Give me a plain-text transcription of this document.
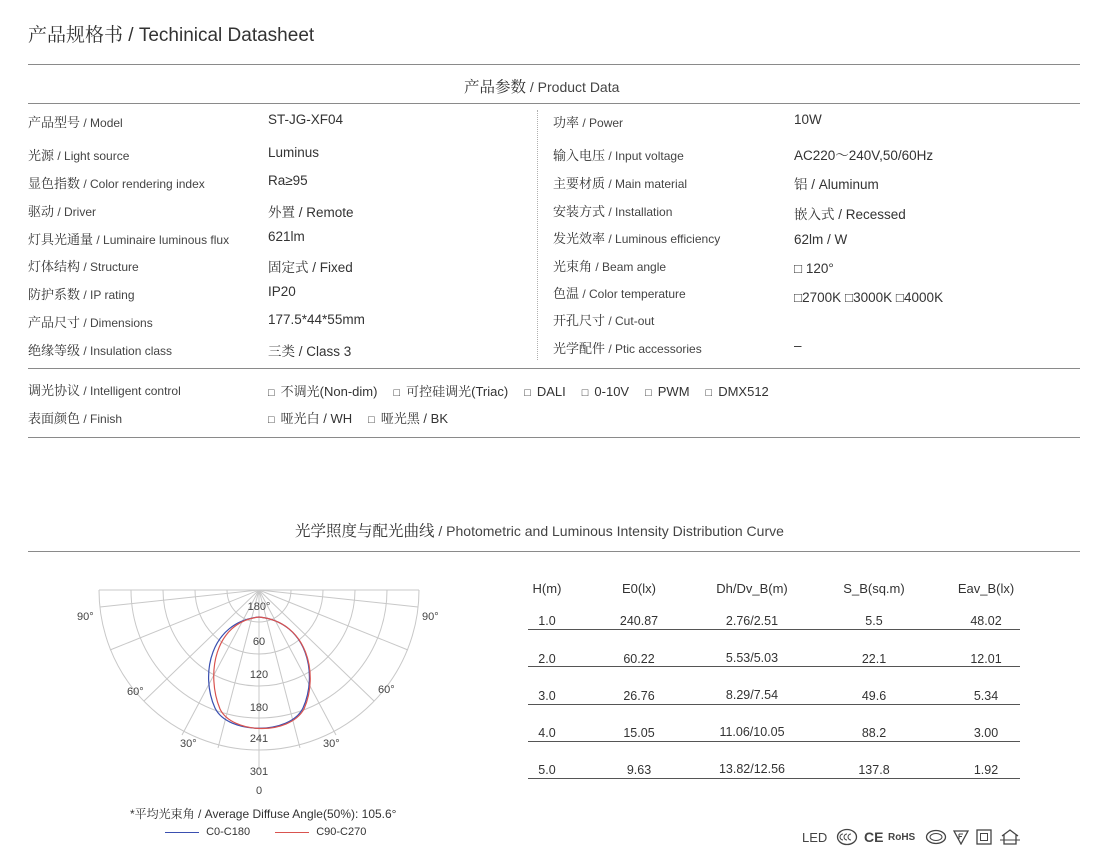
产品规格书 / Techinical Datasheet
产品参数 / Product Data
产品型号 / Model	ST-JG-XF04
光源 / Light source	Luminus
显色指数 / Color rendering index	Ra≥95
驱动 / Driver	外置 / Remote
灯具光通量 / Luminaire luminous flux	621lm
灯体结构 / Structure	固定式 / Fixed
防护系数 / IP rating	IP20
产品尺寸 / Dimensions	177.5*44*55mm
绝缘等级 / Insulation class	三类 / Class 3
功率 / Power	10W
输入电压 / Input voltage	AC220～240V,50/60Hz
主要材质 / Main material	铝 / Aluminum
安装方式 / Installation	嵌入式 / Recessed
发光效率 / Luminous efficiency	62lm / W
光束角 / Beam angle	□ 120°
色温 / Color temperature	□2700K □3000K □4000K
开孔尺寸 / Cut-out
光学配件 / Ptic accessories	–
调光协议 / Intelligent control	□ 不调光(Non-dim) □ 可控硅调光(Triac) □ DALI □ 0-10V □ PWM □ DMX512
表面颜色 / Finish	□ 哑光白 / WH □ 哑光黑 / BK
光学照度与配光曲线 / Photometric and Luminous Intensity Distribution Curve
90°	90°
60°	60°
30°	30°
180°
60
120
180
241
301
0
*平均光束角 / Average Diffuse Angle(50%): 105.6°
C0-C180	C90-C270
H(m)	E0(lx)	Dh/Dv_B(m)	S_B(sq.m)	Eav_B(lx)
1.0	240.87	2.76/2.51	5.5	48.02
2.0	60.22	5.53/5.03	22.1	12.01
3.0	26.76	8.29/7.54	49.6	5.34
4.0	15.05	11.06/10.05	88.2	3.00
5.0	9.63	13.82/12.56	137.8	1.92
LED	CE RoHS
